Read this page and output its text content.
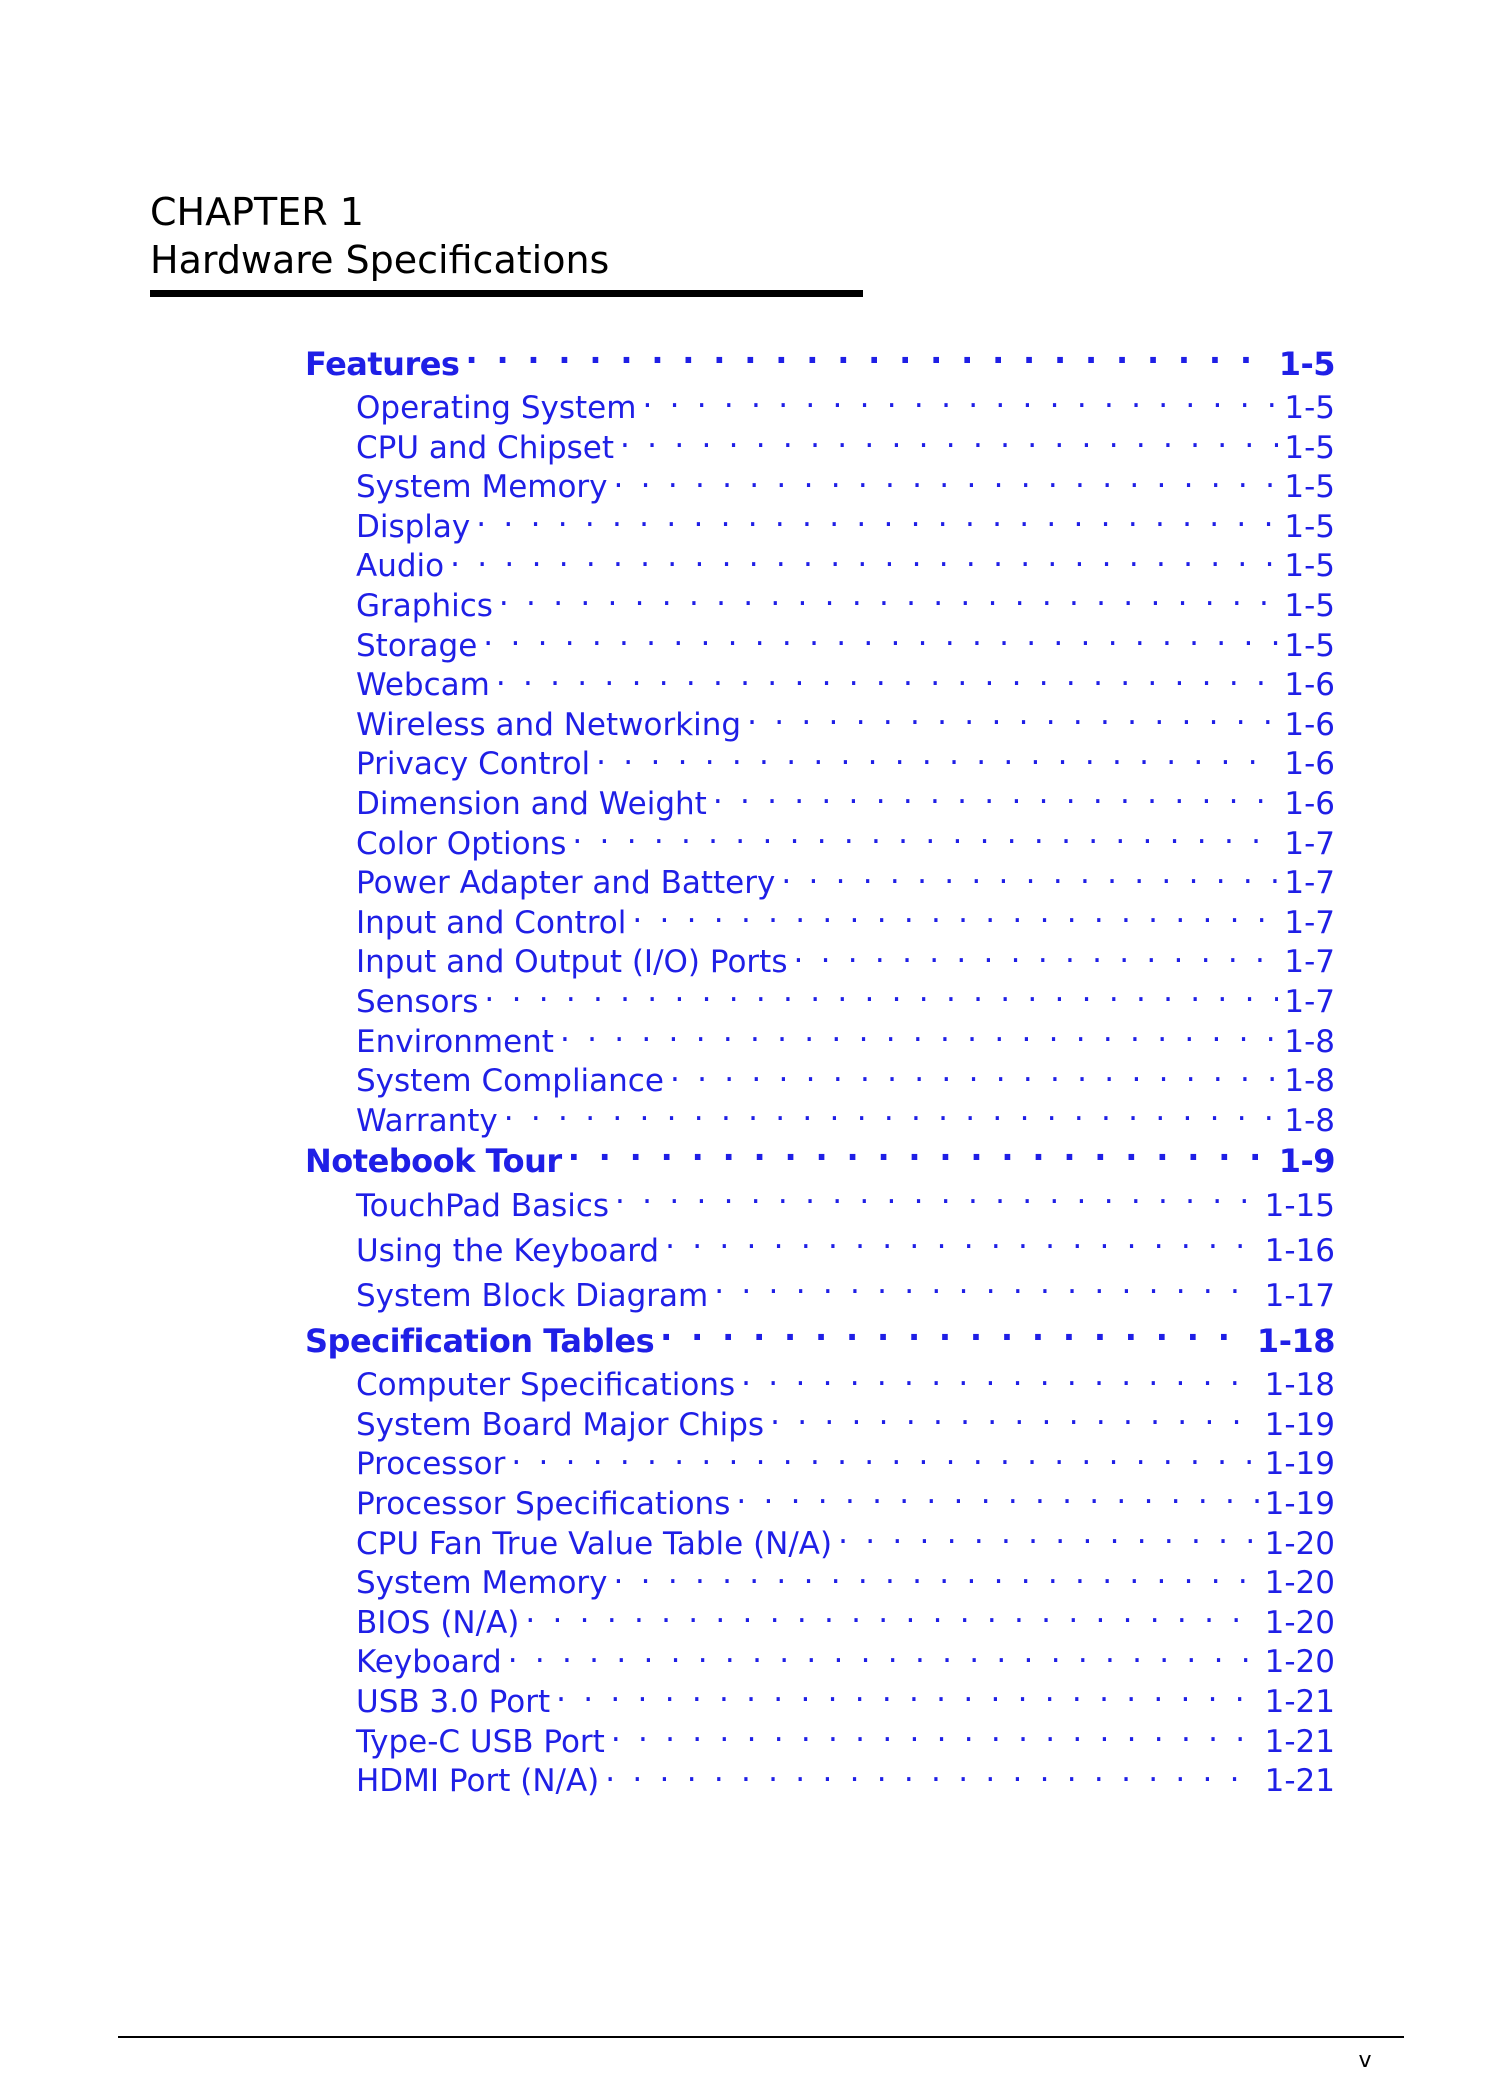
CHAPTER 1
Hardware Specifications
Features . . .	1-5
Operating System . . .	1-5
CPU and Chipset . . .	1-5
System Memory . . .	1-5
Display . . .	1-5
Audio . . .	1-5
Graphics . . .	1-5
Storage . . .	1-5
Webcam . . .	1-6
Wireless and Networking . . .	1-6
Privacy Control . . .	1-6
Dimension and Weight . . .	1-6
Color Options . . .	1-7
Power Adapter and Battery . . .	1-7
Input and Control . . .	1-7
Input and Output (I/O) Ports . . .	1-7
Sensors . . .	1-7
Environment . . .	1-8
System Compliance . . .	1-8
Warranty . . .	1-8
Notebook Tour . . .	1-9
TouchPad Basics . . .	1-15
Using the Keyboard . . .	1-16
System Block Diagram . . .	1-17
Specification Tables . . .	1-18
Computer Specifications . . .	1-18
System Board Major Chips . . .	1-19
Processor . . .	1-19
Processor Specifications . . .	1-19
CPU Fan True Value Table (N/A) . . .	1-20
System Memory . . .	1-20
BIOS (N/A) . . .	1-20
Keyboard . . .	1-20
USB 3.0 Port . . .	1-21
Type-C USB Port . . .	1-21
HDMI Port (N/A) . . .	1-21
v
